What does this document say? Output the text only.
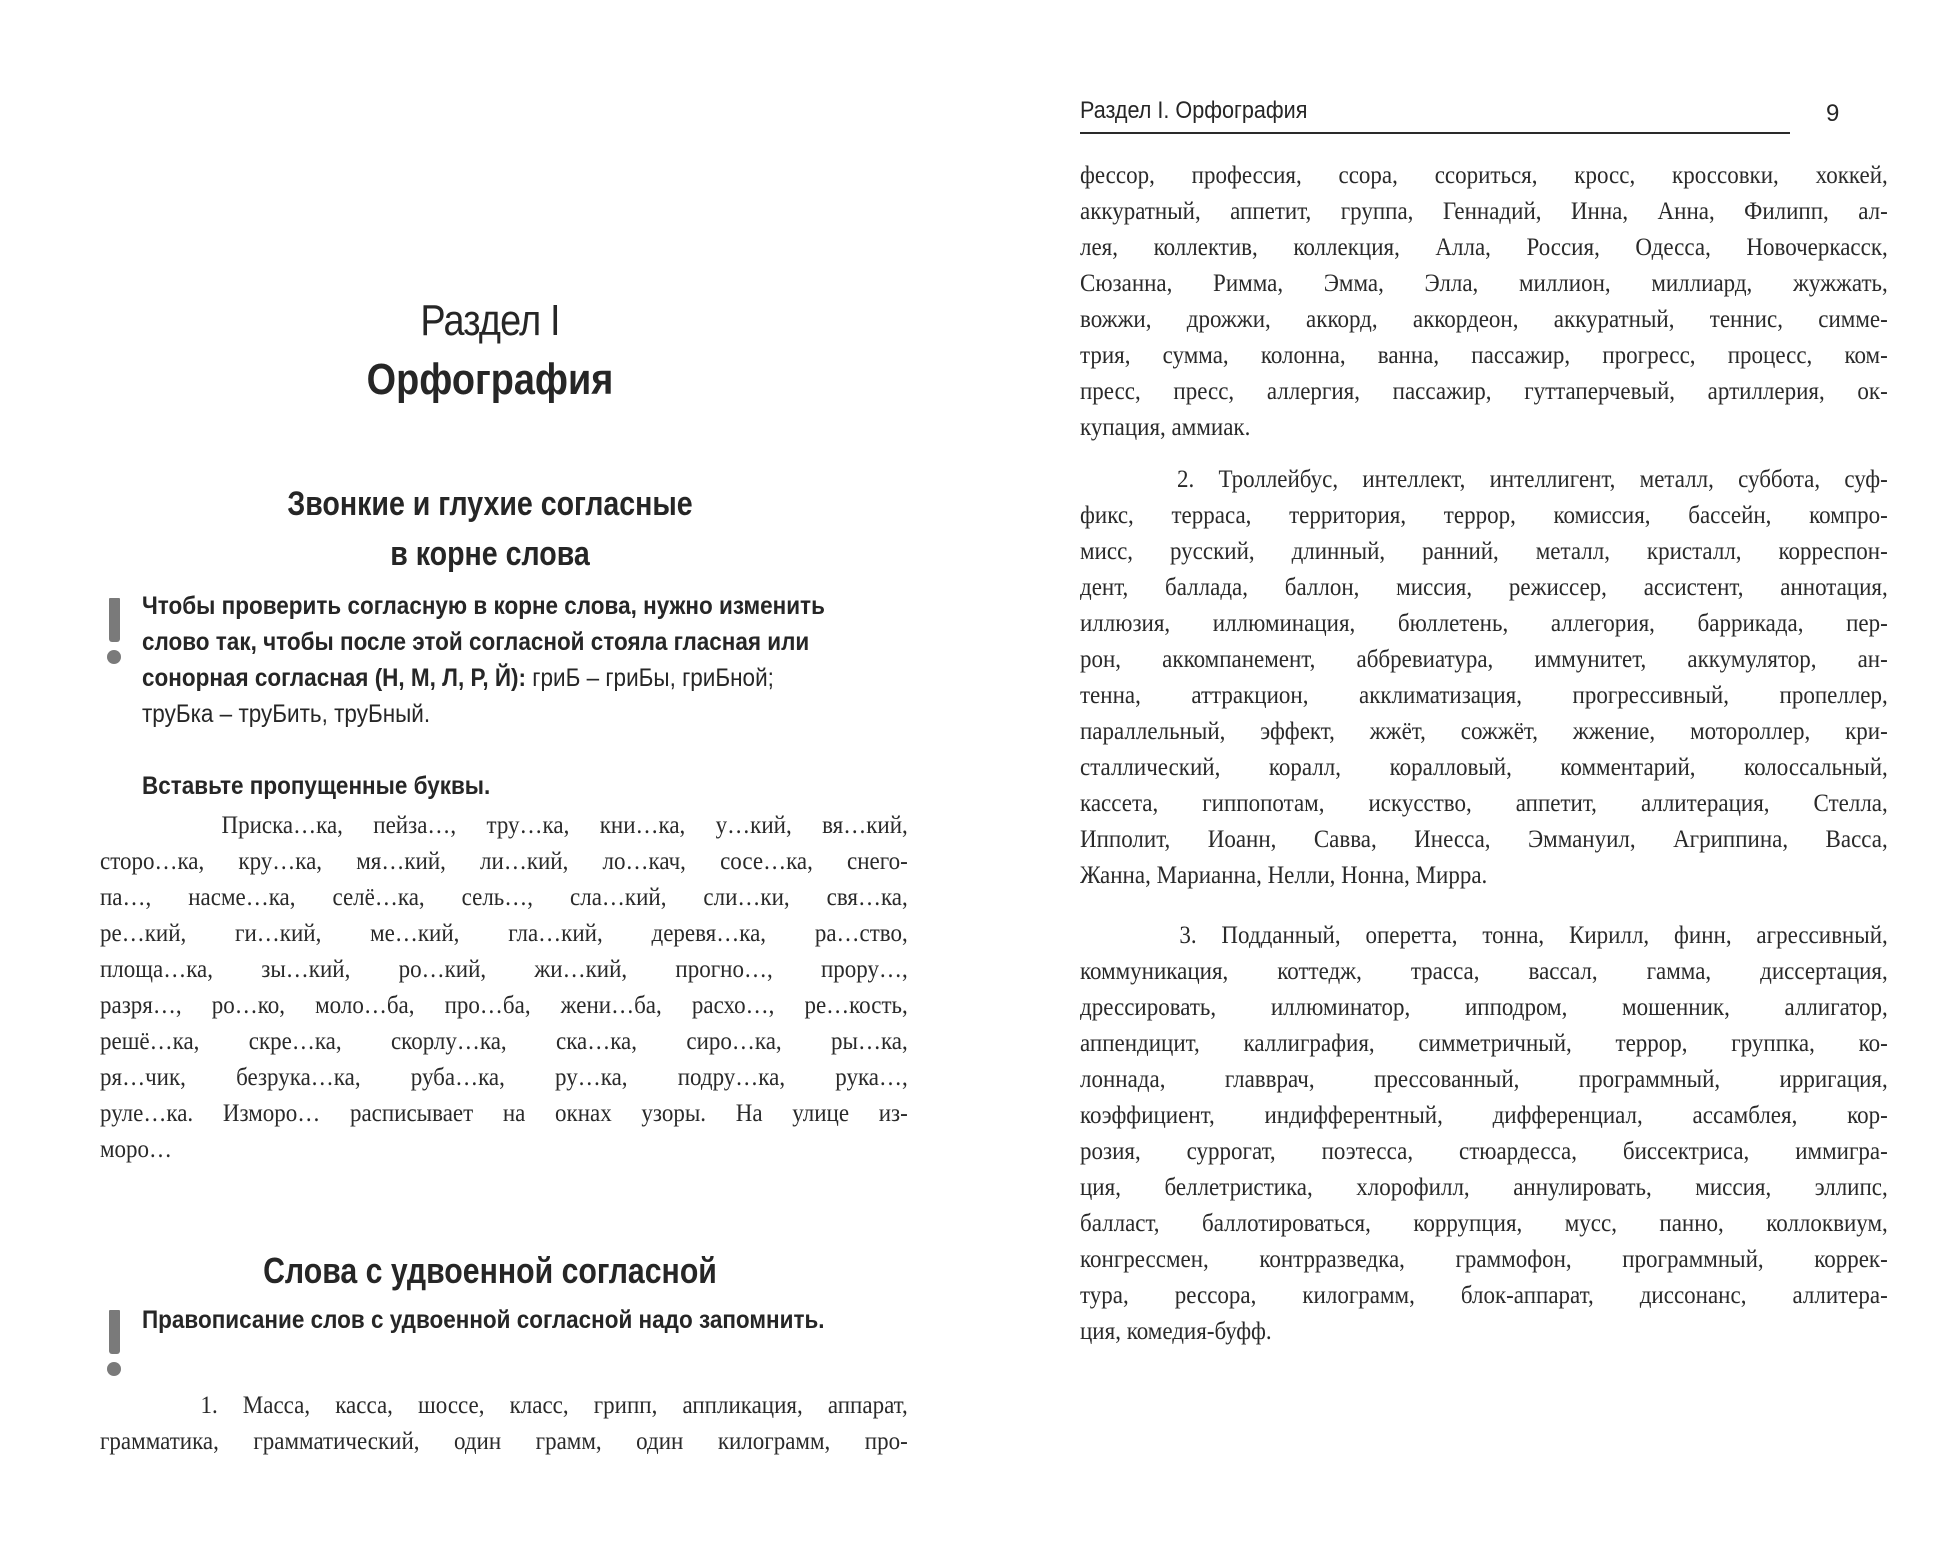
Раздел I
Орфография
Звонкие и глухие согласные
в корне слова
Чтобы проверить согласную в корне слова, нужно изменить
слово так, чтобы после этой согласной стояла гласная или
сонорная согласная (Н, М, Л, Р, Й): гриБ – гриБы, гриБной;
труБка – труБить, труБный.
Вставьте пропущенные буквы.
Приска…ка, пейза…, тру…ка, кни…ка, у…кий, вя…кий,
сторо…ка, кру…ка, мя…кий, ли…кий, ло…кач, сосе…ка, снего-
па…, насме…ка, селё…ка, сель…, сла…кий, сли…ки, свя…ка,
ре…кий, ги…кий, ме…кий, гла…кий, деревя…ка, ра…ство,
площа…ка, зы…кий, ро…кий, жи…кий, прогно…, прору…,
разря…, ро…ко, моло…ба, про…ба, жени…ба, расхо…, ре…кость,
решё…ка, скре…ка, скорлу…ка, ска…ка, сиро…ка, ры…ка,
ря…чик, безрука…ка, руба…ка, ру…ка, подру…ка, рука…,
руле…ка. Изморо… расписывает на окнах узоры. На улице из-
моро…
Слова с удвоенной согласной
Правописание слов с удвоенной согласной надо запомнить.
1. Масса, касса, шоссе, класс, грипп, аппликация, аппарат,
грамматика, грамматический, один грамм, один килограмм, про-
Раздел I. Орфография	9
фессор, профессия, ссора, ссориться, кросс, кроссовки, хоккей,
аккуратный, аппетит, группа, Геннадий, Инна, Анна, Филипп, ал-
лея, коллектив, коллекция, Алла, Россия, Одесса, Новочеркасск,
Сюзанна, Римма, Эмма, Элла, миллион, миллиард, жужжать,
вожжи, дрожжи, аккорд, аккордеон, аккуратный, теннис, симме-
трия, сумма, колонна, ванна, пассажир, прогресс, процесс, ком-
пресс, пресс, аллергия, пассажир, гуттаперчевый, артиллерия, ок-
купация, аммиак.
2. Троллейбус, интеллект, интеллигент, металл, суббота, суф-
фикс, терраса, территория, террор, комиссия, бассейн, компро-
мисс, русский, длинный, ранний, металл, кристалл, корреспон-
дент, баллада, баллон, миссия, режиссер, ассистент, аннотация,
иллюзия, иллюминация, бюллетень, аллегория, баррикада, пер-
рон, аккомпанемент, аббревиатура, иммунитет, аккумулятор, ан-
тенна, аттракцион, акклиматизация, прогрессивный, пропеллер,
параллельный, эффект, жжёт, сожжёт, жжение, мотороллер, кри-
сталлический, коралл, коралловый, комментарий, колоссальный,
кассета, гиппопотам, искусство, аппетит, аллитерация, Стелла,
Ипполит, Иоанн, Савва, Инесса, Эммануил, Агриппина, Васса,
Жанна, Марианна, Нелли, Нонна, Мирра.
3. Подданный, оперетта, тонна, Кирилл, финн, агрессивный,
коммуникация, коттедж, трасса, вассал, гамма, диссертация,
дрессировать, иллюминатор, ипподром, мошенник, аллигатор,
аппендицит, каллиграфия, симметричный, террор, группка, ко-
лоннада, главврач, прессованный, программный, ирригация,
коэффициент, индифферентный, дифференциал, ассамблея, кор-
розия, суррогат, поэтесса, стюардесса, биссектриса, иммигра-
ция, беллетристика, хлорофилл, аннулировать, миссия, эллипс,
балласт, баллотироваться, коррупция, мусс, панно, коллоквиум,
конгрессмен, контрразведка, граммофон, программный, коррек-
тура, рессора, килограмм, блок-аппарат, диссонанс, аллитера-
ция, комедия-буфф.
